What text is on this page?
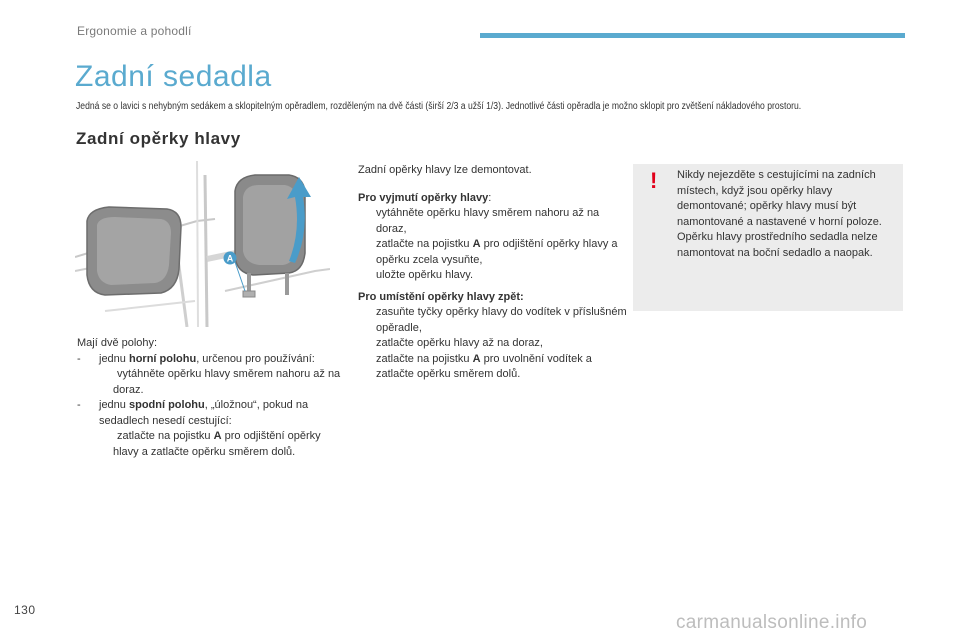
Ergonomie a pohodlí
Zadní sedadla
Jedná se o lavici s nehybným sedákem a sklopitelným opěradlem, rozděleným na dvě části (širší 2/3 a užší 1/3). Jednotlivé části opěradla je možno sklopit pro zvětšení nákladového prostoru.
Zadní opěrky hlavy
A
Mají dvě polohy:
- jednu horní polohu, určenou pro používání:
vytáhněte opěrku hlavy směrem nahoru až na doraz.
- jednu spodní polohu, „úložnou“, pokud na sedadlech nesedí cestující:
zatlačte na pojistku A pro odjištění opěrky hlavy a zatlačte opěrku směrem dolů.
Zadní opěrky hlavy lze demontovat.
Pro vyjmutí opěrky hlavy:
vytáhněte opěrku hlavy směrem nahoru až na doraz,
zatlačte na pojistku A pro odjištění opěrky hlavy a opěrku zcela vysuňte,
uložte opěrku hlavy.
Pro umístění opěrky hlavy zpět:
zasuňte tyčky opěrky hlavy do vodítek v příslušném opěradle,
zatlačte opěrku hlavy až na doraz,
zatlačte na pojistku A pro uvolnění vodítek a zatlačte opěrku směrem dolů.
! Nikdy nejezděte s cestujícími na zadních místech, když jsou opěrky hlavy demontované; opěrky hlavy musí být namontované a nastavené v horní poloze.
Opěrku hlavy prostředního sedadla nelze namontovat na boční sedadlo a naopak.
130
carmanualsonline.info
